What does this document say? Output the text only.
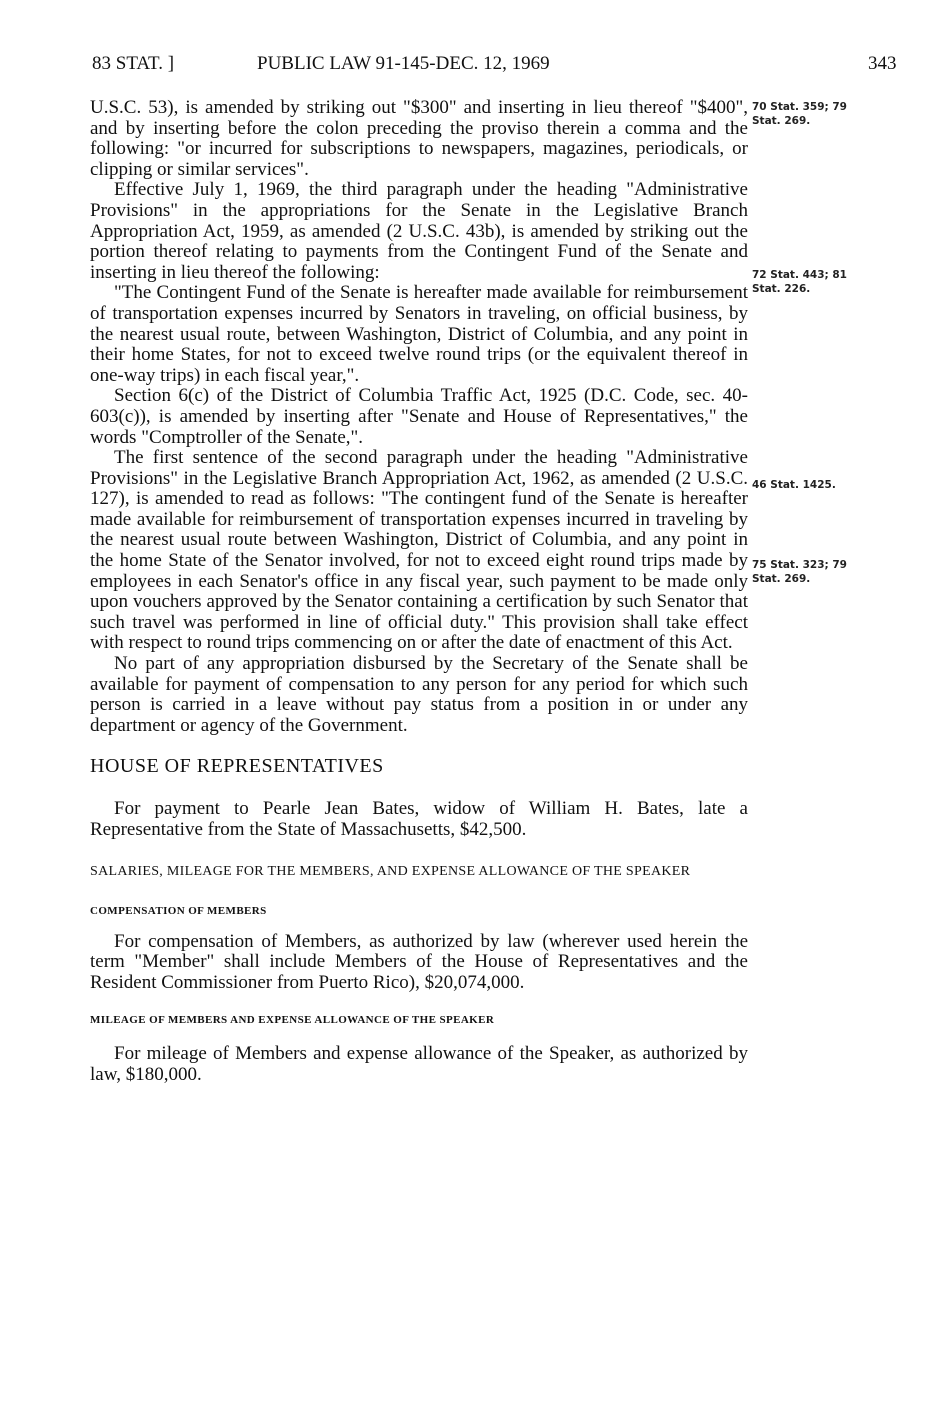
83 STAT. ]	PUBLIC LAW 91-145-DEC. 12, 1969	343

U.S.C. 53), is amended by striking out "$300" and inserting in lieu thereof "$400", and by inserting before the colon preceding the proviso therein a comma and the following: "or incurred for subscriptions to newspapers, magazines, periodicals, or clipping or similar services".

Effective July 1, 1969, the third paragraph under the heading "Administrative Provisions" in the appropriations for the Senate in the Legislative Branch Appropriation Act, 1959, as amended (2 U.S.C. 43b), is amended by striking out the portion thereof relating to payments from the Contingent Fund of the Senate and inserting in lieu thereof the following:

"The Contingent Fund of the Senate is hereafter made available for reimbursement of transportation expenses incurred by Senators in traveling, on official business, by the nearest usual route, between Washington, District of Columbia, and any point in their home States, for not to exceed twelve round trips (or the equivalent thereof in one-way trips) in each fiscal year,".

Section 6(c) of the District of Columbia Traffic Act, 1925 (D.C. Code, sec. 40-603(c)), is amended by inserting after "Senate and House of Representatives," the words "Comptroller of the Senate,".

The first sentence of the second paragraph under the heading "Administrative Provisions" in the Legislative Branch Appropriation Act, 1962, as amended (2 U.S.C. 127), is amended to read as follows: "The contingent fund of the Senate is hereafter made available for reimbursement of transportation expenses incurred in traveling by the nearest usual route between Washington, District of Columbia, and any point in the home State of the Senator involved, for not to exceed eight round trips made by employees in each Senator's office in any fiscal year, such payment to be made only upon vouchers approved by the Senator containing a certification by such Senator that such travel was performed in line of official duty." This provision shall take effect with respect to round trips commencing on or after the date of enactment of this Act.

No part of any appropriation disbursed by the Secretary of the Senate shall be available for payment of compensation to any person for any period for which such person is carried in a leave without pay status from a position in or under any department or agency of the Government.

HOUSE OF REPRESENTATIVES

For payment to Pearle Jean Bates, widow of William H. Bates, late a Representative from the State of Massachusetts, $42,500.

SALARIES, MILEAGE FOR THE MEMBERS, AND EXPENSE ALLOWANCE OF THE SPEAKER

COMPENSATION OF MEMBERS

For compensation of Members, as authorized by law (wherever used herein the term "Member" shall include Members of the House of Representatives and the Resident Commissioner from Puerto Rico), $20,074,000.

MILEAGE OF MEMBERS AND EXPENSE ALLOWANCE OF THE SPEAKER

For mileage of Members and expense allowance of the Speaker, as authorized by law, $180,000.

70 Stat. 359; 79 Stat. 269.
72 Stat. 443; 81 Stat. 226.
46 Stat. 1425.
75 Stat. 323; 79 Stat. 269.
